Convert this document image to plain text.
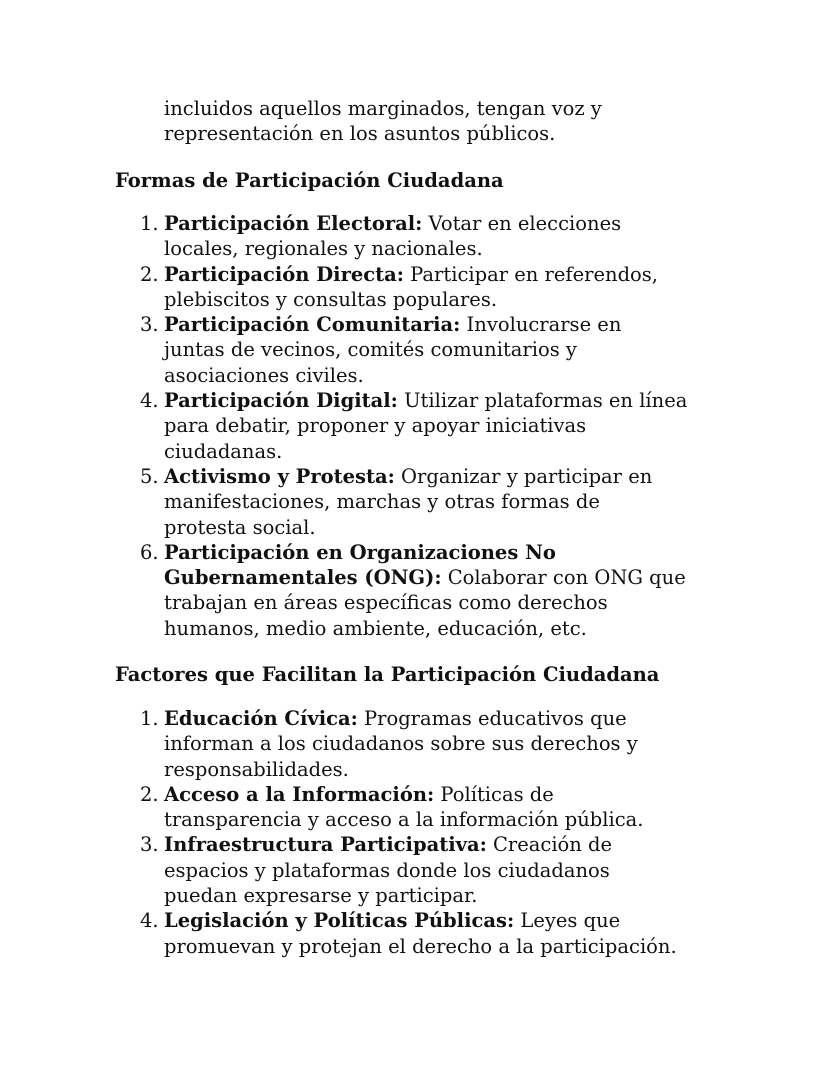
incluidos aquellos marginados, tengan voz y
representación en los asuntos públicos.
Formas de Participación Ciudadana
1. Participación Electoral: Votar en elecciones
locales, regionales y nacionales.
2. Participación Directa: Participar en referendos,
plebiscitos y consultas populares.
3. Participación Comunitaria: Involucrarse en
juntas de vecinos, comités comunitarios y
asociaciones civiles.
4. Participación Digital: Utilizar plataformas en línea
para debatir, proponer y apoyar iniciativas
ciudadanas.
5. Activismo y Protesta: Organizar y participar en
manifestaciones, marchas y otras formas de
protesta social.
6. Participación en Organizaciones No
Gubernamentales (ONG): Colaborar con ONG que
trabajan en áreas específicas como derechos
humanos, medio ambiente, educación, etc.
Factores que Facilitan la Participación Ciudadana
1. Educación Cívica: Programas educativos que
informan a los ciudadanos sobre sus derechos y
responsabilidades.
2. Acceso a la Información: Políticas de
transparencia y acceso a la información pública.
3. Infraestructura Participativa: Creación de
espacios y plataformas donde los ciudadanos
puedan expresarse y participar.
4. Legislación y Políticas Públicas: Leyes que
promuevan y protejan el derecho a la participación.
